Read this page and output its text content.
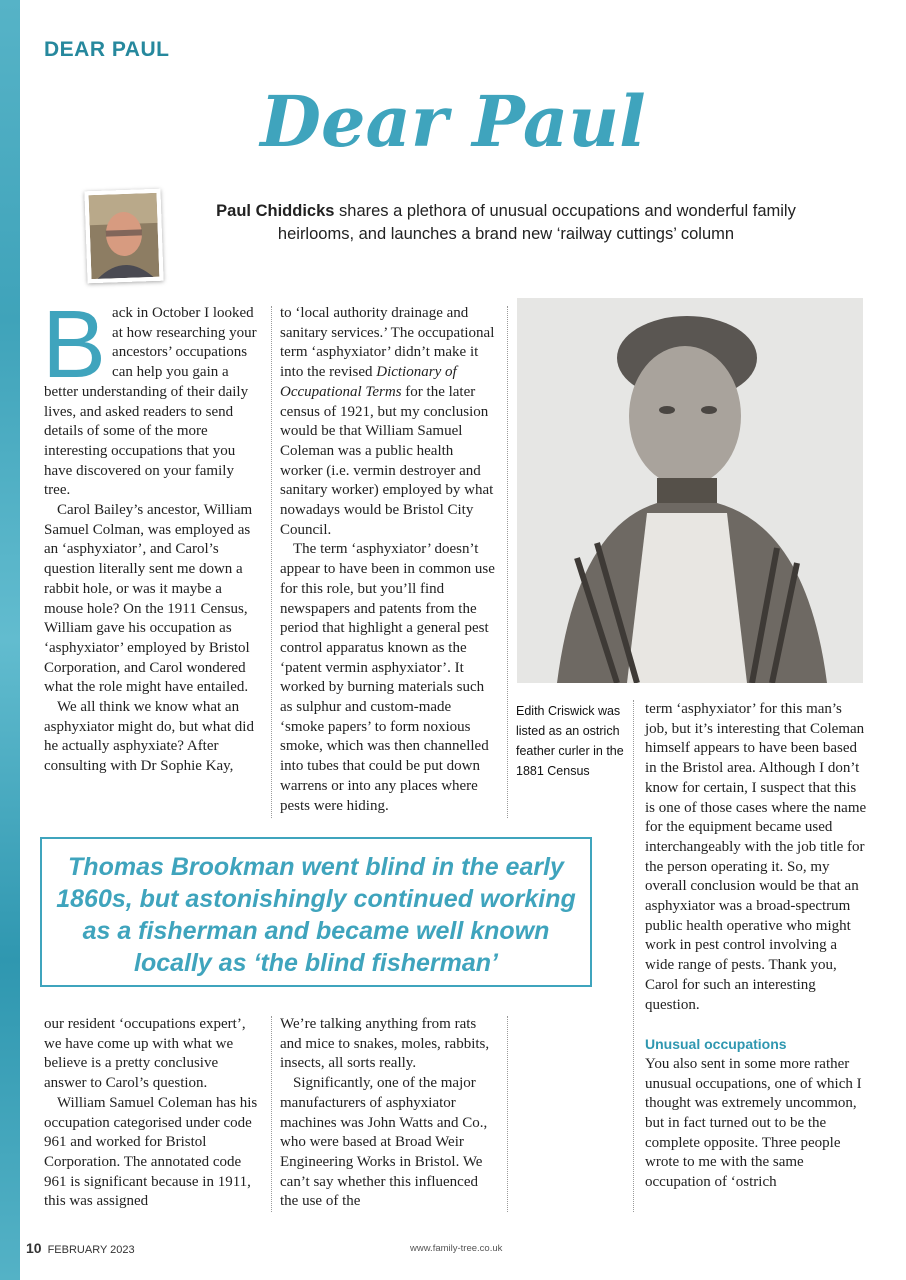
DEAR PAUL
Dear Paul

Paul Chiddicks shares a plethora of unusual occupations and wonderful family heirlooms, and launches a brand new ‘railway cuttings’ column

Back in October I looked at how researching your ancestors’ occupations can help you gain a better understanding of their daily lives, and asked readers to send details of some of the more interesting occupations that you have discovered on your family tree.

Carol Bailey’s ancestor, William Samuel Colman, was employed as an ‘asphyxiator’, and Carol’s question literally sent me down a rabbit hole, or was it maybe a mouse hole? On the 1911 Census, William gave his occupation as ‘asphyxiator’ employed by Bristol Corporation, and Carol wondered what the role might have entailed.

We all think we know what an asphyxiator might do, but what did he actually asphyxiate? After consulting with Dr Sophie Kay,

to ‘local authority drainage and sanitary services.’ The occupational term ‘asphyxiator’ didn’t make it into the revised Dictionary of Occupational Terms for the later census of 1921, but my conclusion would be that William Samuel Coleman was a public health worker (i.e. vermin destroyer and sanitary worker) employed by what nowadays would be Bristol City Council.

The term ‘asphyxiator’ doesn’t appear to have been in common use for this role, but you’ll find newspapers and patents from the period that highlight a general pest control apparatus known as the ‘patent vermin asphyxiator’. It worked by burning materials such as sulphur and custom-made ‘smoke papers’ to form noxious smoke, which was then channelled into tubes that could be put down warrens or into any places where pests were hiding.

Edith Criswick was listed as an ostrich feather curler in the 1881 Census

Thomas Brookman went blind in the early 1860s, but astonishingly continued working as a fisherman and became well known locally as ‘the blind fisherman’

our resident ‘occupations expert’, we have come up with what we believe is a pretty conclusive answer to Carol’s question.

William Samuel Coleman has his occupation categorised under code 961 and worked for Bristol Corporation. The annotated code 961 is significant because in 1911, this was assigned

We’re talking anything from rats and mice to snakes, moles, rabbits, insects, all sorts really.

Significantly, one of the major manufacturers of asphyxiator machines was John Watts and Co., who were based at Broad Weir Engineering Works in Bristol. We can’t say whether this influenced the use of the

term ‘asphyxiator’ for this man’s job, but it’s interesting that Coleman himself appears to have been based in the Bristol area. Although I don’t know for certain, I suspect that this is one of those cases where the name for the equipment became used interchangeably with the job title for the person operating it. So, my overall conclusion would be that an asphyxiator was a broad-spectrum public health operative who might work in pest control involving a wide range of pests. Thank you, Carol for such an interesting question.

Unusual occupations

You also sent in some more rather unusual occupations, one of which I thought was extremely uncommon, but in fact turned out to be the complete opposite. Three people wrote to me with the same occupation of ‘ostrich

10 FEBRUARY 2023	www.family-tree.co.uk
